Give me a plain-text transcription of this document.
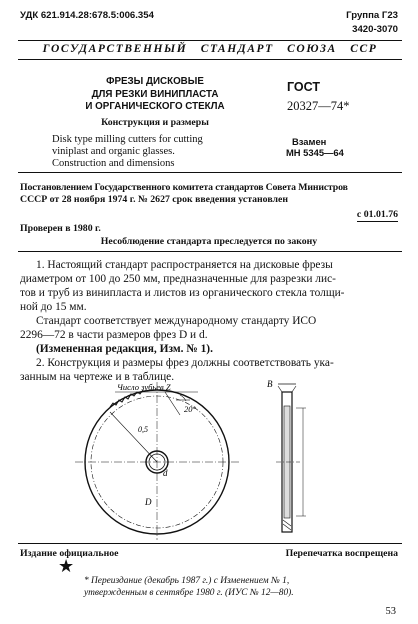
УДК 621.914.28:678.5:006.354	Группа Г23
3420-3070
ГОСУДАРСТВЕННЫЙ   СТАНДАРТ   СОЮЗА   ССР
ФРЕЗЫ ДИСКОВЫЕ
ДЛЯ РЕЗКИ ВИНИПЛАСТА
И ОРГАНИЧЕСКОГО СТЕКЛА
Конструкция и размеры
Disk type milling cutters for cutting
viniplast and organic glasses.
Construction and dimensions
ГОСТ
20327—74*
Взамен
МН 5345—64
Постановлением Государственного комитета стандартов Совета Министров
СССР от 28 ноября 1974 г. № 2627 срок введения установлен
с 01.01.76
Проверен в 1980 г.
Несоблюдение стандарта преследуется по закону
1. Настоящий стандарт распространяется на дисковые фрезы
диаметром от 100 до 250 мм, предназначенные для разрезки лис-
тов и труб из винипласта и листов из органического стекла толщи-
ной до 15 мм.
Стандарт соответствует международному стандарту ИСО
2296—72 в части размеров фрез D и d.
(Измененная редакция, Изм. № 1).
2. Конструкция и размеры фрез должны соответствовать ука-
занным на чертеже и в таблице.
Число зубьев Z
20°
0,5
d
D
B
Издание официальное	Перепечатка воспрещена
★
* Переиздание (декабрь 1987 г.) с Изменением № 1,
утвержденным в сентябре 1980 г. (ИУС № 12—80).
53
